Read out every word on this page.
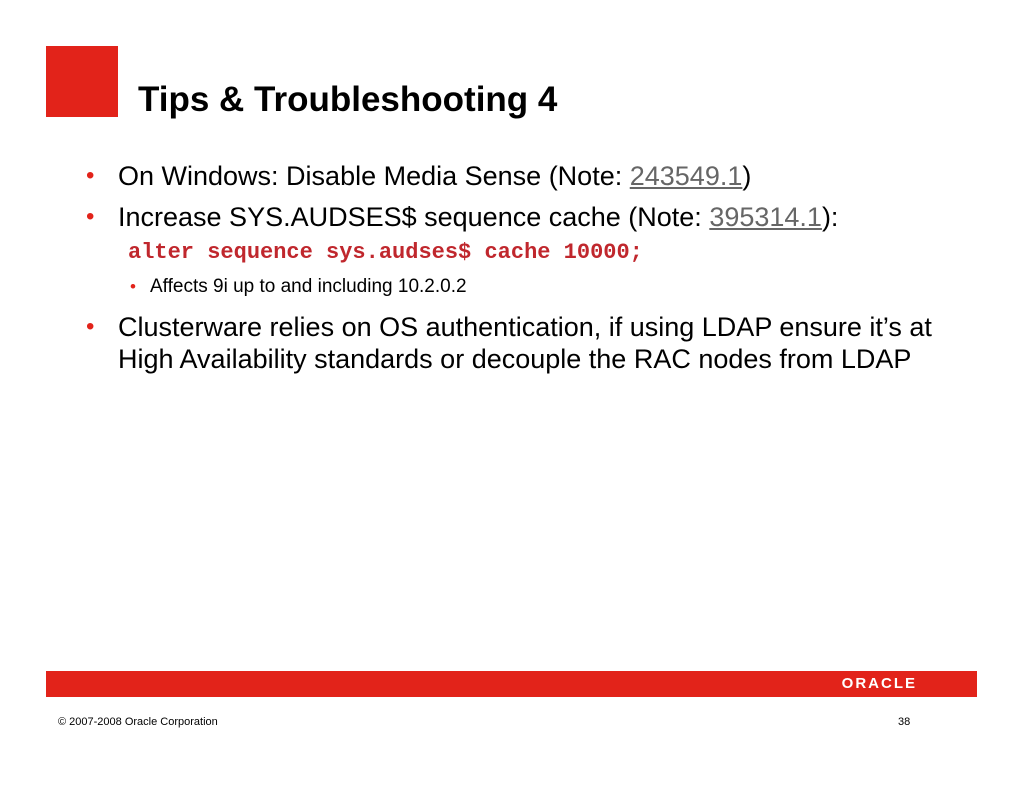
Tips & Troubleshooting 4
• On Windows: Disable Media Sense (Note: 243549.1)
• Increase SYS.AUDSES$ sequence cache (Note: 395314.1):
alter sequence sys.audses$ cache 10000;
• Affects 9i up to and including 10.2.0.2
• Clusterware relies on OS authentication, if using LDAP ensure it’s at High Availability standards or decouple the RAC nodes from LDAP
ORACLE
© 2007-2008 Oracle Corporation	38
